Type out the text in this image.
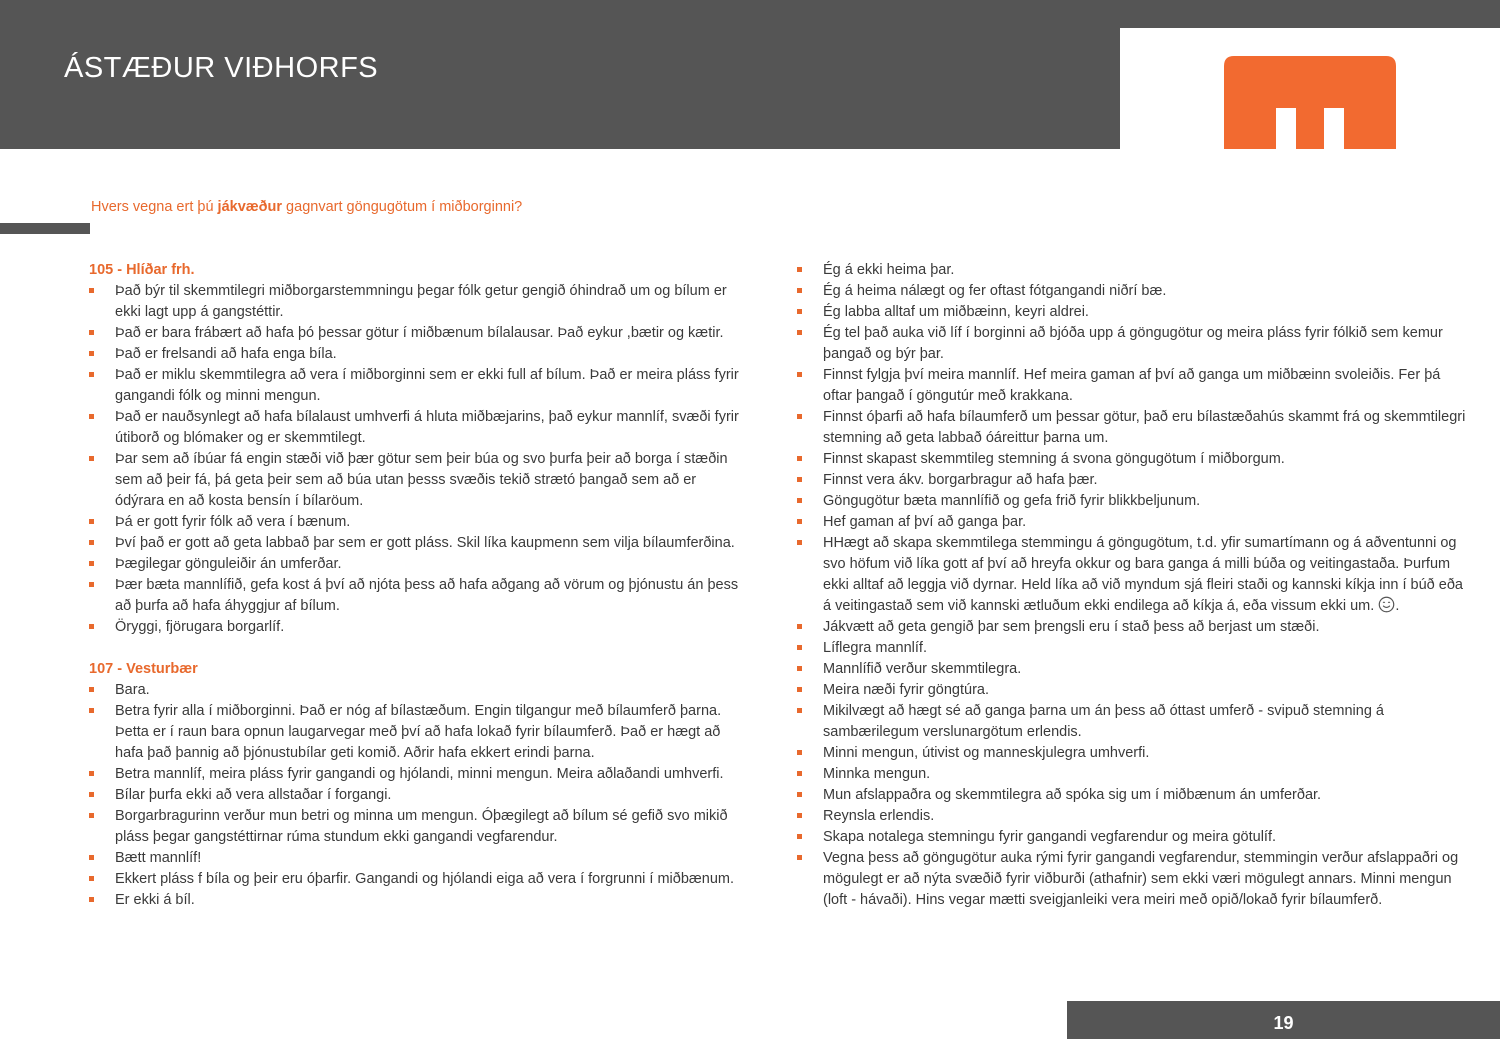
ÁSTÆÐUR VIÐHORFS

Hvers vegna ert þú jákvæður gagnvart göngugötum í miðborginni?

105 - Hlíðar frh.
Það býr til skemmtilegri miðborgarstemmningu þegar fólk getur gengið óhindrað um og bílum er ekki lagt upp á gangstéttir.
Það er bara frábært að hafa þó þessar götur í miðbænum bílalausar. Það eykur ,bætir og kætir.
Það er frelsandi að hafa enga bíla.
Það er miklu skemmtilegra að vera í miðborginni sem er ekki full af bílum. Það er meira pláss fyrir gangandi fólk og minni mengun.
Það er nauðsynlegt að hafa bílalaust umhverfi á hluta miðbæjarins, það eykur mannlíf, svæði fyrir útiborð og blómaker og er skemmtilegt.
Þar sem að íbúar fá engin stæði við þær götur sem þeir búa og svo þurfa þeir að borga í stæðin sem að þeir fá, þá geta þeir sem að búa utan þesss svæðis tekið strætó þangað sem að er ódýrara en að kosta bensín í bílaröum.
Þá er gott fyrir fólk að vera í bænum.
Því það er gott að geta labbað þar sem er gott pláss. Skil líka kaupmenn sem vilja bílaumferðina.
Þægilegar gönguleiðir án umferðar.
Þær bæta mannlífið, gefa kost á því að njóta þess að hafa aðgang að vörum og þjónustu án þess að þurfa að hafa áhyggjur af bílum.
Öryggi, fjörugara borgarlíf.
107 - Vesturbær
Bara.
Betra fyrir alla í miðborginni. Það er nóg af bílastæðum. Engin tilgangur með bílaumferð þarna. Þetta er í raun bara opnun laugarvegar með því að hafa lokað fyrir bílaumferð. Það er hægt að hafa það þannig að þjónustubílar geti komið. Aðrir hafa ekkert erindi þarna.
Betra mannlíf, meira pláss fyrir gangandi og hjólandi, minni mengun. Meira aðlaðandi umhverfi.
Bílar þurfa ekki að vera allstaðar í forgangi.
Borgarbragurinn verður mun betri og minna um mengun. Óþægilegt að bílum sé gefið svo mikið pláss þegar gangstéttirnar rúma stundum ekki gangandi vegfarendur.
Bætt mannlíf!
Ekkert pláss f bíla og þeir eru óþarfir. Gangandi og hjólandi eiga að vera í forgrunni í miðbænum.
Er ekki á bíl.
Ég á ekki heima þar.
Ég á heima nálægt og fer oftast fótgangandi niðrí bæ.
Ég labba alltaf um miðbæinn, keyri aldrei.
Ég tel það auka við líf í borginni að bjóða upp á göngugötur og meira pláss fyrir fólkið sem kemur þangað og býr þar.
Finnst fylgja því meira mannlíf. Hef meira gaman af því að ganga um miðbæinn svoleiðis. Fer þá oftar þangað í göngutúr með krakkana.
Finnst óþarfi að hafa bílaumferð um þessar götur, það eru bílastæðahús skammt frá og skemmtilegri stemning að geta labbað óáreittur þarna um.
Finnst skapast skemmtileg stemning á svona göngugötum í miðborgum.
Finnst vera ákv. borgarbragur að hafa þær.
Göngugötur bæta mannlífið og gefa frið fyrir blikkbeljunum.
Hef gaman af því að ganga þar.
HHægt að skapa skemmtilega stemmingu á göngugötum, t.d. yfir sumartímann og á aðventunni og svo höfum við líka gott af því að hreyfa okkur og bara ganga á milli búða og veitingastaða. Þurfum ekki alltaf að leggja við dyrnar. Held líka að við myndum sjá fleiri staði og kannski kíkja inn í búð eða á veitingastað sem við kannski ætluðum ekki endilega að kíkja á, eða vissum ekki um. .
Jákvætt að geta gengið þar sem þrengsli eru í stað þess að berjast um stæði.
Líflegra mannlíf.
Mannlífið verður skemmtilegra.
Meira næði fyrir göngtúra.
Mikilvægt að hægt sé að ganga þarna um án þess að óttast umferð - svipuð stemning á sambærilegum verslunargötum erlendis.
Minni mengun, útivist og manneskjulegra umhverfi.
Minnka mengun.
Mun afslappaðra og skemmtilegra að spóka sig um í miðbænum án umferðar.
Reynsla erlendis.
Skapa notalega stemningu fyrir gangandi vegfarendur og meira götulíf.
Vegna þess að göngugötur auka rými fyrir gangandi vegfarendur, stemmingin verður afslappaðri og mögulegt er að nýta svæðið fyrir viðburði (athafnir) sem ekki væri mögulegt annars. Minni mengun (loft - hávaði). Hins vegar mætti sveigjanleiki vera meiri með opið/lokað fyrir bílaumferð.
19
